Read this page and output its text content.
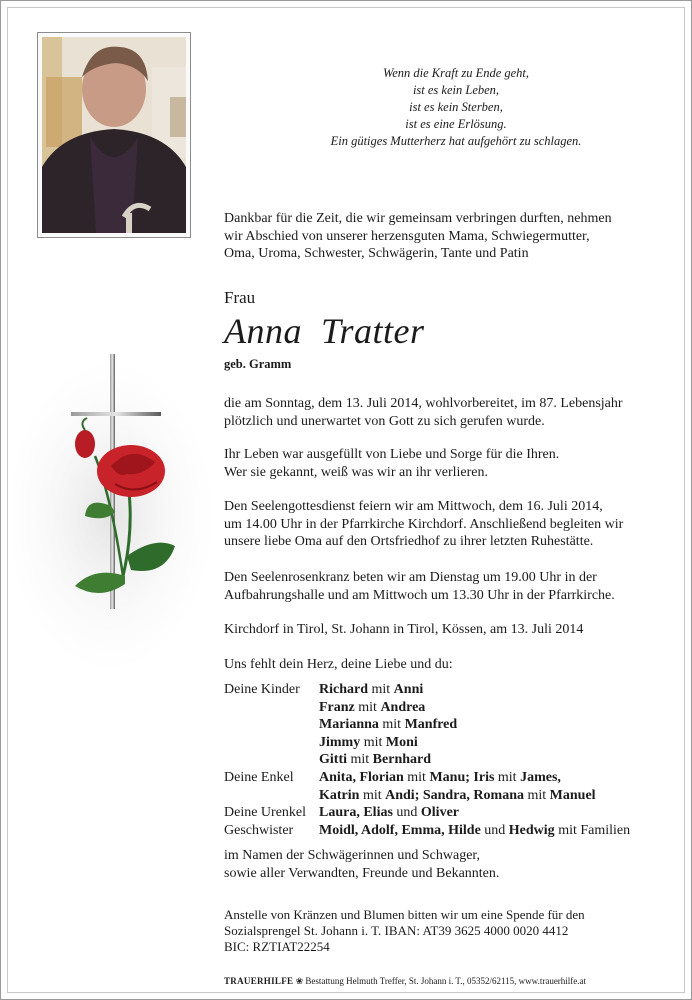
Wenn die Kraft zu Ende geht,
ist es kein Leben,
ist es kein Sterben,
ist es eine Erlösung.
Ein gütiges Mutterherz hat aufgehört zu schlagen.
Dankbar für die Zeit, die wir gemeinsam verbringen durften, nehmen
wir Abschied von unserer herzensguten Mama, Schwiegermutter,
Oma, Uroma, Schwester, Schwägerin, Tante und Patin
Frau
Anna  Tratter
geb. Gramm
die am Sonntag, dem 13. Juli 2014, wohlvorbereitet, im 87. Lebensjahr
plötzlich und unerwartet von Gott zu sich gerufen wurde.
Ihr Leben war ausgefüllt von Liebe und Sorge für die Ihren.
Wer sie gekannt, weiß was wir an ihr verlieren.
Den Seelengottesdienst feiern wir am Mittwoch, dem 16. Juli 2014,
um 14.00 Uhr in der Pfarrkirche Kirchdorf. Anschließend begleiten wir
unsere liebe Oma auf den Ortsfriedhof zu ihrer letzten Ruhestätte.
Den Seelenrosenkranz beten wir am Dienstag um 19.00 Uhr in der
Aufbahrungshalle und am Mittwoch um 13.30 Uhr in der Pfarrkirche.
Kirchdorf in Tirol, St. Johann in Tirol, Kössen, am 13. Juli 2014
Uns fehlt dein Herz, deine Liebe und du:
Deine Kinder	Richard mit Anni
	Franz mit Andrea
	Marianna mit Manfred
	Jimmy mit Moni
	Gitti mit Bernhard
Deine Enkel	Anita, Florian mit Manu; Iris mit James,
	Katrin mit Andi; Sandra, Romana mit Manuel
Deine Urenkel	Laura, Elias und Oliver
Geschwister	Moidl, Adolf, Emma, Hilde und Hedwig mit Familien
im Namen der Schwägerinnen und Schwager,
sowie aller Verwandten, Freunde und Bekannten.
Anstelle von Kränzen und Blumen bitten wir um eine Spende für den
Sozialsprengel St. Johann i. T. IBAN: AT39 3625 4000 0020 4412
BIC: RZTIAT22254
TRAUERHILFE ❀ Bestattung Helmuth Treffer, St. Johann i. T., 05352/62115, www.trauerhilfe.at
